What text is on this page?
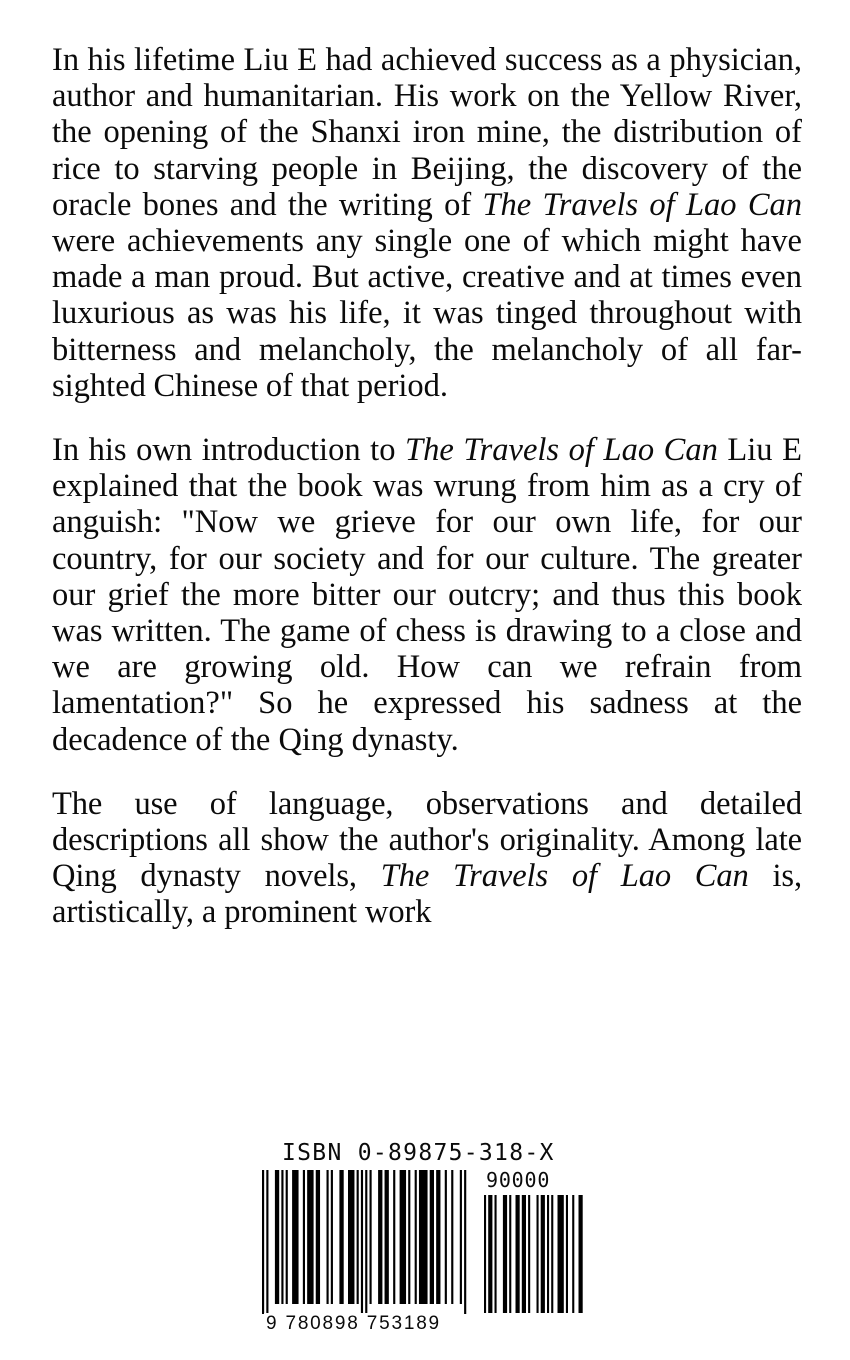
In his lifetime Liu E had achieved success as a physician, author and humanitarian. His work on the Yellow River, the opening of the Shanxi iron mine, the distribution of rice to starving people in Beijing, the discovery of the oracle bones and the writing of The Travels of Lao Can were achievements any single one of which might have made a man proud. But active, creative and at times even luxurious as was his life, it was tinged throughout with bitterness and melancholy, the melancholy of all far-sighted Chinese of that period.

In his own introduction to The Travels of Lao Can Liu E explained that the book was wrung from him as a cry of anguish: "Now we grieve for our own life, for our country, for our society and for our culture. The greater our grief the more bitter our outcry; and thus this book was written. The game of chess is drawing to a close and we are growing old. How can we refrain from lamentation?" So he expressed his sadness at the decadence of the Qing dynasty.

The use of language, observations and detailed descriptions all show the author's originality. Among late Qing dynasty novels, The Travels of Lao Can is, artistically, a prominent work

ISBN 0-89875-318-X
90000
9 780898 753189
